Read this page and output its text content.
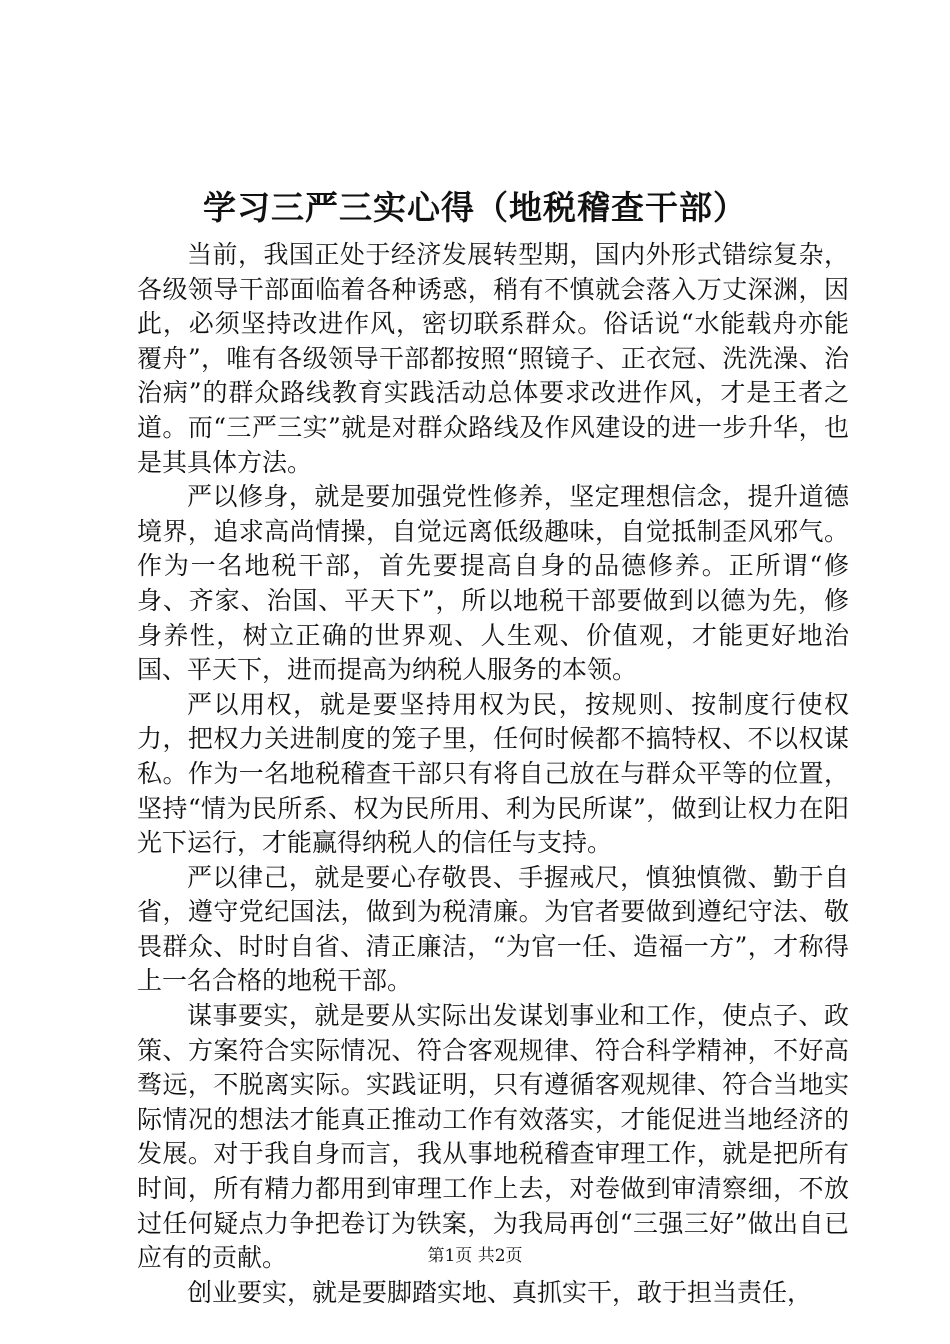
学习三严三实心得（地税稽查干部）

当前，我国正处于经济发展转型期，国内外形式错综复杂，各级领导干部面临着各种诱惑，稍有不慎就会落入万丈深渊，因此，必须坚持改进作风，密切联系群众。俗话说“水能载舟亦能覆舟”，唯有各级领导干部都按照“照镜子、正衣冠、洗洗澡、治治病”的群众路线教育实践活动总体要求改进作风，才是王者之道。而“三严三实”就是对群众路线及作风建设的进一步升华，也是其具体方法。

严以修身，就是要加强党性修养，坚定理想信念，提升道德境界，追求高尚情操，自觉远离低级趣味，自觉抵制歪风邪气。作为一名地税干部，首先要提高自身的品德修养。正所谓“修身、齐家、治国、平天下”，所以地税干部要做到以德为先，修身养性，树立正确的世界观、人生观、价值观，才能更好地治国、平天下，进而提高为纳税人服务的本领。

严以用权，就是要坚持用权为民，按规则、按制度行使权力，把权力关进制度的笼子里，任何时候都不搞特权、不以权谋私。作为一名地税稽查干部只有将自己放在与群众平等的位置，坚持“情为民所系、权为民所用、利为民所谋”，做到让权力在阳光下运行，才能赢得纳税人的信任与支持。

严以律己，就是要心存敬畏、手握戒尺，慎独慎微、勤于自省，遵守党纪国法，做到为税清廉。为官者要做到遵纪守法、敬畏群众、时时自省、清正廉洁，“为官一任、造福一方”，才称得上一名合格的地税干部。

谋事要实，就是要从实际出发谋划事业和工作，使点子、政策、方案符合实际情况、符合客观规律、符合科学精神，不好高骛远，不脱离实际。实践证明，只有遵循客观规律、符合当地实际情况的想法才能真正推动工作有效落实，才能促进当地经济的发展。对于我自身而言，我从事地税稽查审理工作，就是把所有时间，所有精力都用到审理工作上去，对卷做到审清察细，不放过任何疑点力争把卷订为铁案，为我局再创“三强三好”做出自已应有的贡献。

创业要实，就是要脚踏实地、真抓实干，敢于担当责任，

第1页 共2页
